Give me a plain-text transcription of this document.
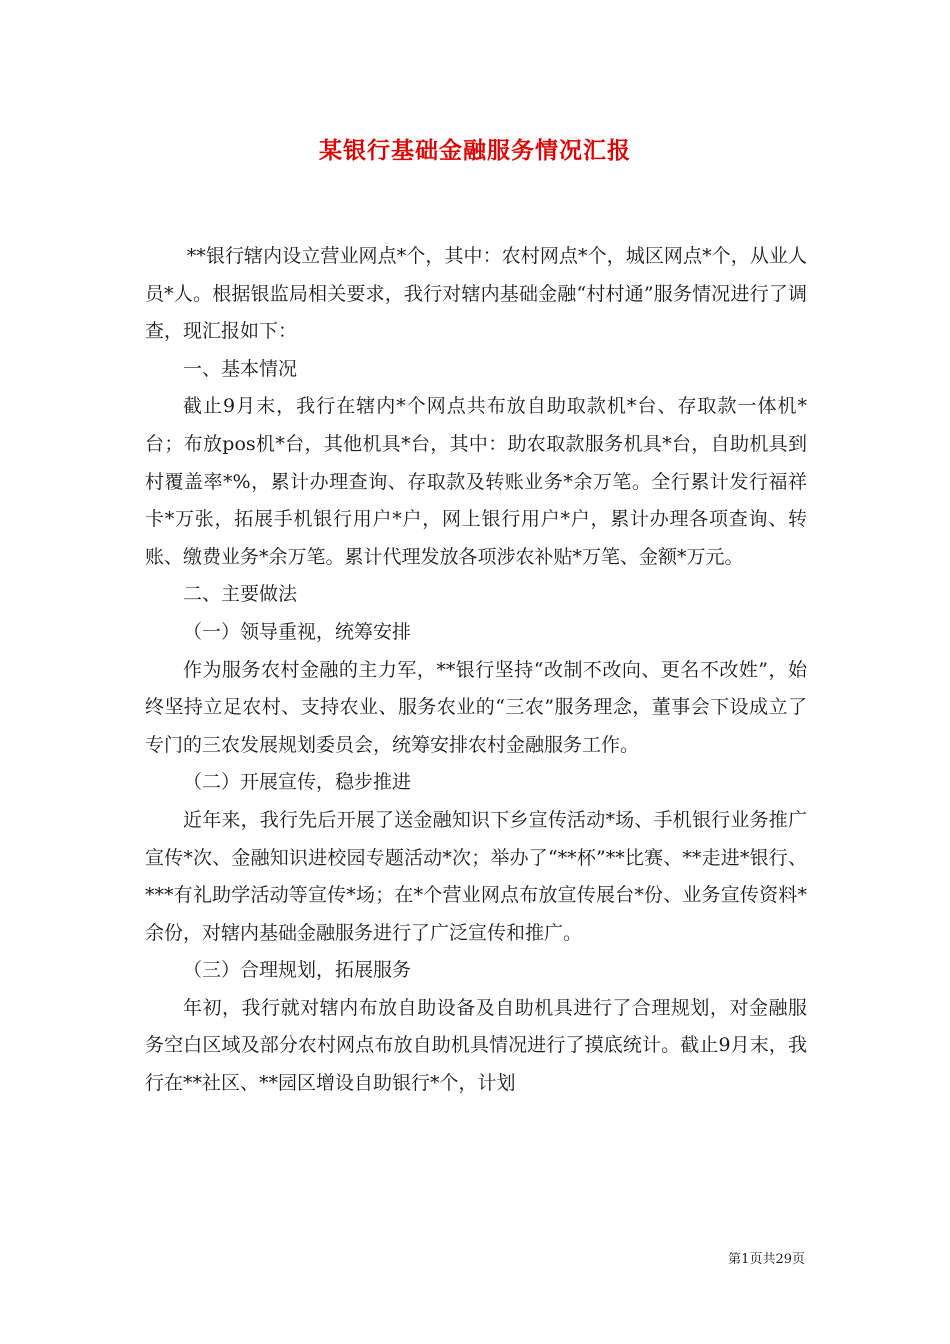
某银行基础金融服务情况汇报

**银行辖内设立营业网点*个，其中：农村网点*个，城区网点*个，从业人员*人。根据银监局相关要求，我行对辖内基础金融“村村通”服务情况进行了调查，现汇报如下：

一、基本情况

截止9月末，我行在辖内*个网点共布放自助取款机*台、存取款一体机*台；布放pos机*台，其他机具*台，其中：助农取款服务机具*台，自助机具到村覆盖率*%，累计办理查询、存取款及转账业务*余万笔。全行累计发行福祥卡*万张，拓展手机银行用户*户，网上银行用户*户，累计办理各项查询、转账、缴费业务*余万笔。累计代理发放各项涉农补贴*万笔、金额*万元。

二、主要做法

（一）领导重视，统筹安排

作为服务农村金融的主力军，**银行坚持“改制不改向、更名不改姓”，始终坚持立足农村、支持农业、服务农业的“三农”服务理念，董事会下设成立了专门的三农发展规划委员会，统筹安排农村金融服务工作。

（二）开展宣传，稳步推进

近年来，我行先后开展了送金融知识下乡宣传活动*场、手机银行业务推广宣传*次、金融知识进校园专题活动*次；举办了“**杯”**比赛、**走进*银行、***有礼助学活动等宣传*场；在*个营业网点布放宣传展台*份、业务宣传资料*余份，对辖内基础金融服务进行了广泛宣传和推广。

（三）合理规划，拓展服务

年初，我行就对辖内布放自助设备及自助机具进行了合理规划，对金融服务空白区域及部分农村网点布放自助机具情况进行了摸底统计。截止9月末，我行在**社区、**园区增设自助银行*个，计划

第1页共29页
